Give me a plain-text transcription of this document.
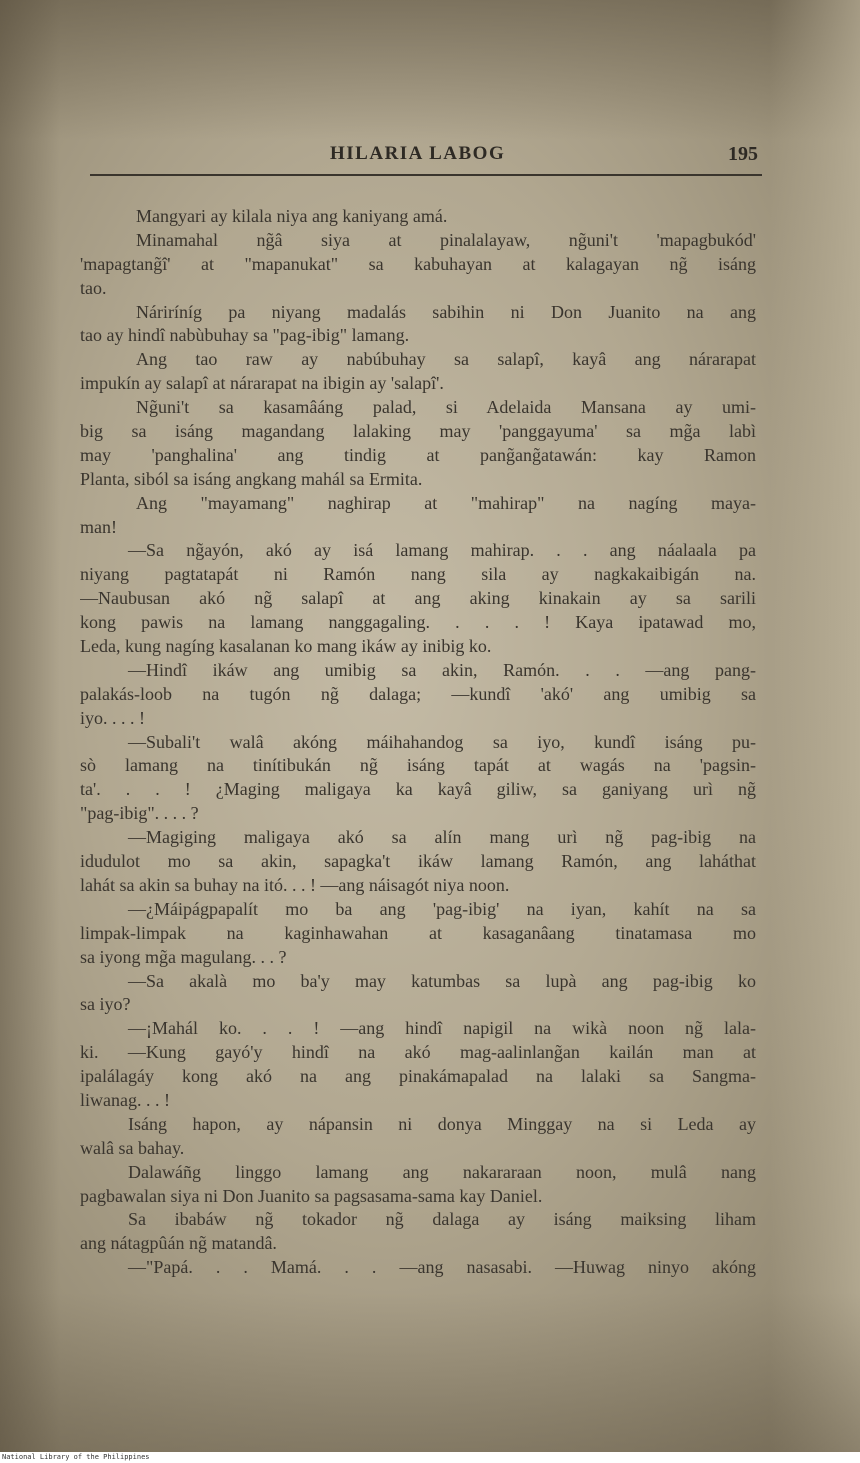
HILARIA LABOG	195
Mangyari ay kilala niya ang kaniyang amá.
Minamahal ng̃â siya at pinalalayaw, ng̃uni't 'mapagbukód'
'mapagtang̃î' at "mapanukat" sa kabuhayan at kalagayan ng̃ isáng
tao.
Náriríníg pa niyang madalás sabihin ni Don Juanito na ang
tao ay hindî nabùbuhay sa "pag-ibig" lamang.
Ang tao raw ay nabúbuhay sa salapî, kayâ ang nárarapat
impukín ay salapî at nárarapat na ibigin ay 'salapî'.
Ng̃uni't sa kasamâáng palad, si Adelaida Mansana ay umi-
big sa isáng magandang lalaking may 'panggayuma' sa mg̃a labì
may 'panghalina' ang tindig at pang̃ang̃atawán: kay Ramon
Planta, siból sa isáng angkang mahál sa Ermita.
Ang "mayamang" naghirap at "mahirap" na nagíng maya-
man!
—Sa ng̃ayón, akó ay isá lamang mahirap. . . ang náalaala pa
niyang pagtatapát ni Ramón nang sila ay nagkakaibigán na.
—Naubusan akó ng̃ salapî at ang aking kinakain ay sa sarili
kong pawis na lamang nanggagaling. . . . ! Kaya ipatawad mo,
Leda, kung nagíng kasalanan ko mang ikáw ay inibig ko.
—Hindî ikáw ang umibig sa akin, Ramón. . . —ang pang-
palakás-loob na tugón ng̃ dalaga; —kundî 'akó' ang umibig sa
iyo. . . . !
—Subali't walâ akóng máihahandog sa iyo, kundî isáng pu-
sò lamang na tinítibukán ng̃ isáng tapát at wagás na 'pagsin-
ta'. . . ! ¿Maging maligaya ka kayâ giliw, sa ganiyang urì ng̃
"pag-ibig". . . . ?
—Magiging maligaya akó sa alín mang urì ng̃ pag-ibig na
idudulot mo sa akin, sapagka't ikáw lamang Ramón, ang laháthat
lahát sa akin sa buhay na itó. . . ! —ang náisagót niya noon.
—¿Máipágpapalít mo ba ang 'pag-ibig' na iyan, kahít na sa
limpak-limpak na kaginhawahan at kasaganâang tinatamasa mo
sa iyong mg̃a magulang. . . ?
—Sa akalà mo ba'y may katumbas sa lupà ang pag-ibig ko
sa iyo?
—¡Mahál ko. . . ! —ang hindî napigil na wikà noon ng̃ lala-
ki. —Kung gayó'y hindî na akó mag-aalinlang̃an kailán man at
ipalálagáy kong akó na ang pinakámapalad na lalaki sa Sangma-
liwanag. . . !
Isáng hapon, ay nápansin ni donya Minggay na si Leda ay
walâ sa bahay.
Dalawáñg linggo lamang ang nakararaan noon, mulâ nang
pagbawalan siya ni Don Juanito sa pagsasama-sama kay Daniel.
Sa ibabáw ng̃ tokador ng̃ dalaga ay isáng maiksing liham
ang nátagpûán ng̃ matandâ.
—"Papá. . . Mamá. . . —ang nasasabi. —Huwag ninyo akóng
National Library of the Philippines
